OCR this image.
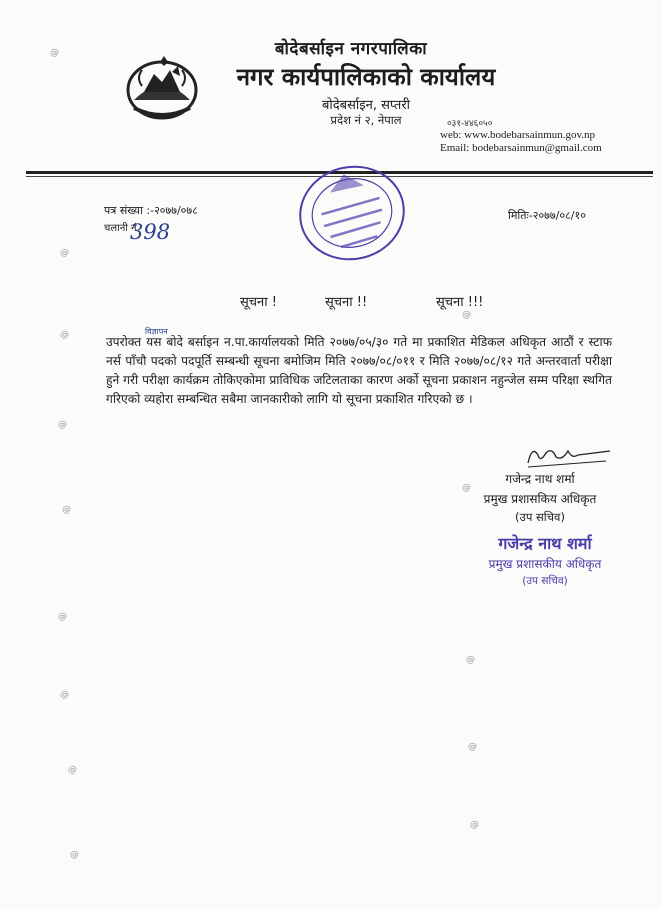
बोदेबर्साइन नगरपालिका
नगर कार्यपालिकाको कार्यालय
बोदेबर्साइन, सप्तरी
प्रदेश नं २, नेपाल	०३१-४४६०५०
web: www.bodebarsainmun.gov.np
Email: bodebarsainmun@gmail.com
पत्र संख्या :-२०७७/०७८
चलानी नं
398
मितिः-२०७७/०८/१०
सूचना !	सूचना !!	सूचना !!!
विज्ञापन
उपरोक्त यस बोदे बर्साइन न.पा.कार्यालयको मिति २०७७/०५/३० गते मा प्रकाशित मेडिकल अधिकृत आठौं र स्टाफ नर्स पाँचौ पदको पदपूर्ति सम्बन्धी सूचना बमोजिम मिति २०७७/०८/०११ र मिति २०७७/०८/१२ गते अन्तरवार्ता परीक्षा हुने गरी परीक्षा कार्यक्रम तोकिएकोमा प्राविधिक जटिलताका कारण अर्को सूचना प्रकाशन नहुन्जेल सम्म परिक्षा स्थगित गरिएको व्यहोरा सम्बन्धित सबैमा जानकारीको लागि यो सूचना प्रकाशित गरिएको छ ।
गजेन्द्र नाथ शर्मा
प्रमुख प्रशासकिय अधिकृत
(उप सचिव)
गजेन्द्र नाथ शर्मा
प्रमुख प्रशासकीय अधिकृत
(उप सचिव)
@
@
@
@
@
@
@
@
@
@
@
@
@
@
